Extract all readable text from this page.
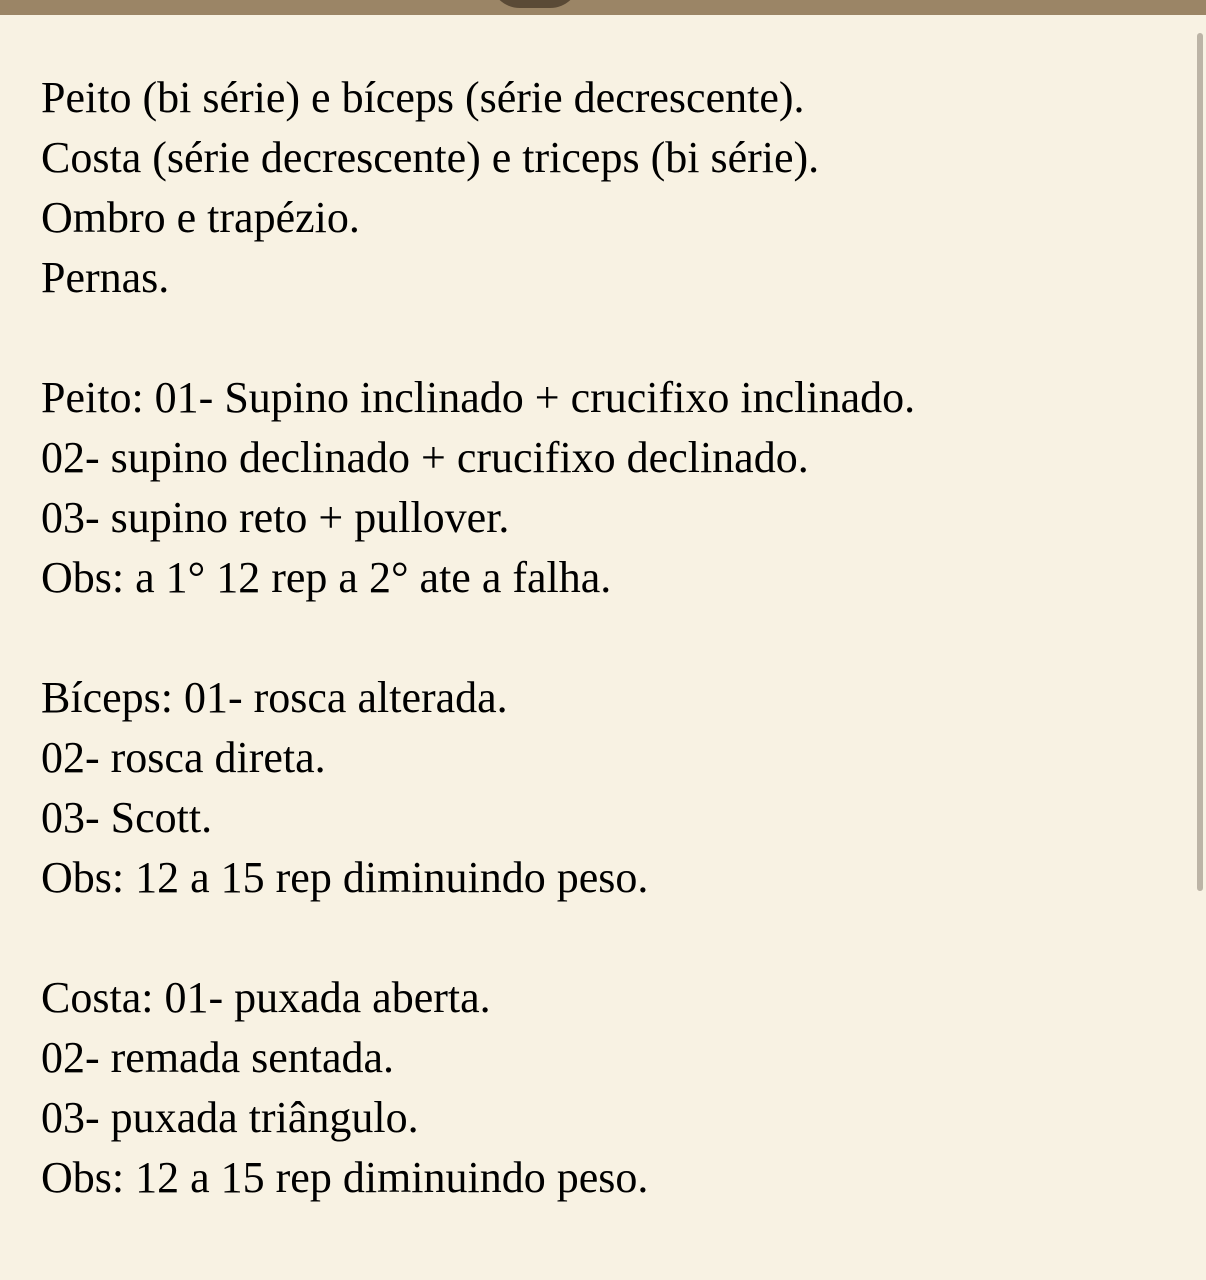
Peito (bi série) e bíceps (série decrescente).
Costa (série decrescente) e triceps (bi série).
Ombro e trapézio.
Pernas.
Peito: 01- Supino inclinado + crucifixo inclinado.
02- supino declinado + crucifixo declinado.
03- supino reto + pullover.
Obs: a 1° 12 rep a 2° ate a falha.
Bíceps: 01- rosca alterada.
02- rosca direta.
03- Scott.
Obs: 12 a 15 rep diminuindo peso.
Costa: 01- puxada aberta.
02- remada sentada.
03- puxada triângulo.
Obs: 12 a 15 rep diminuindo peso.
